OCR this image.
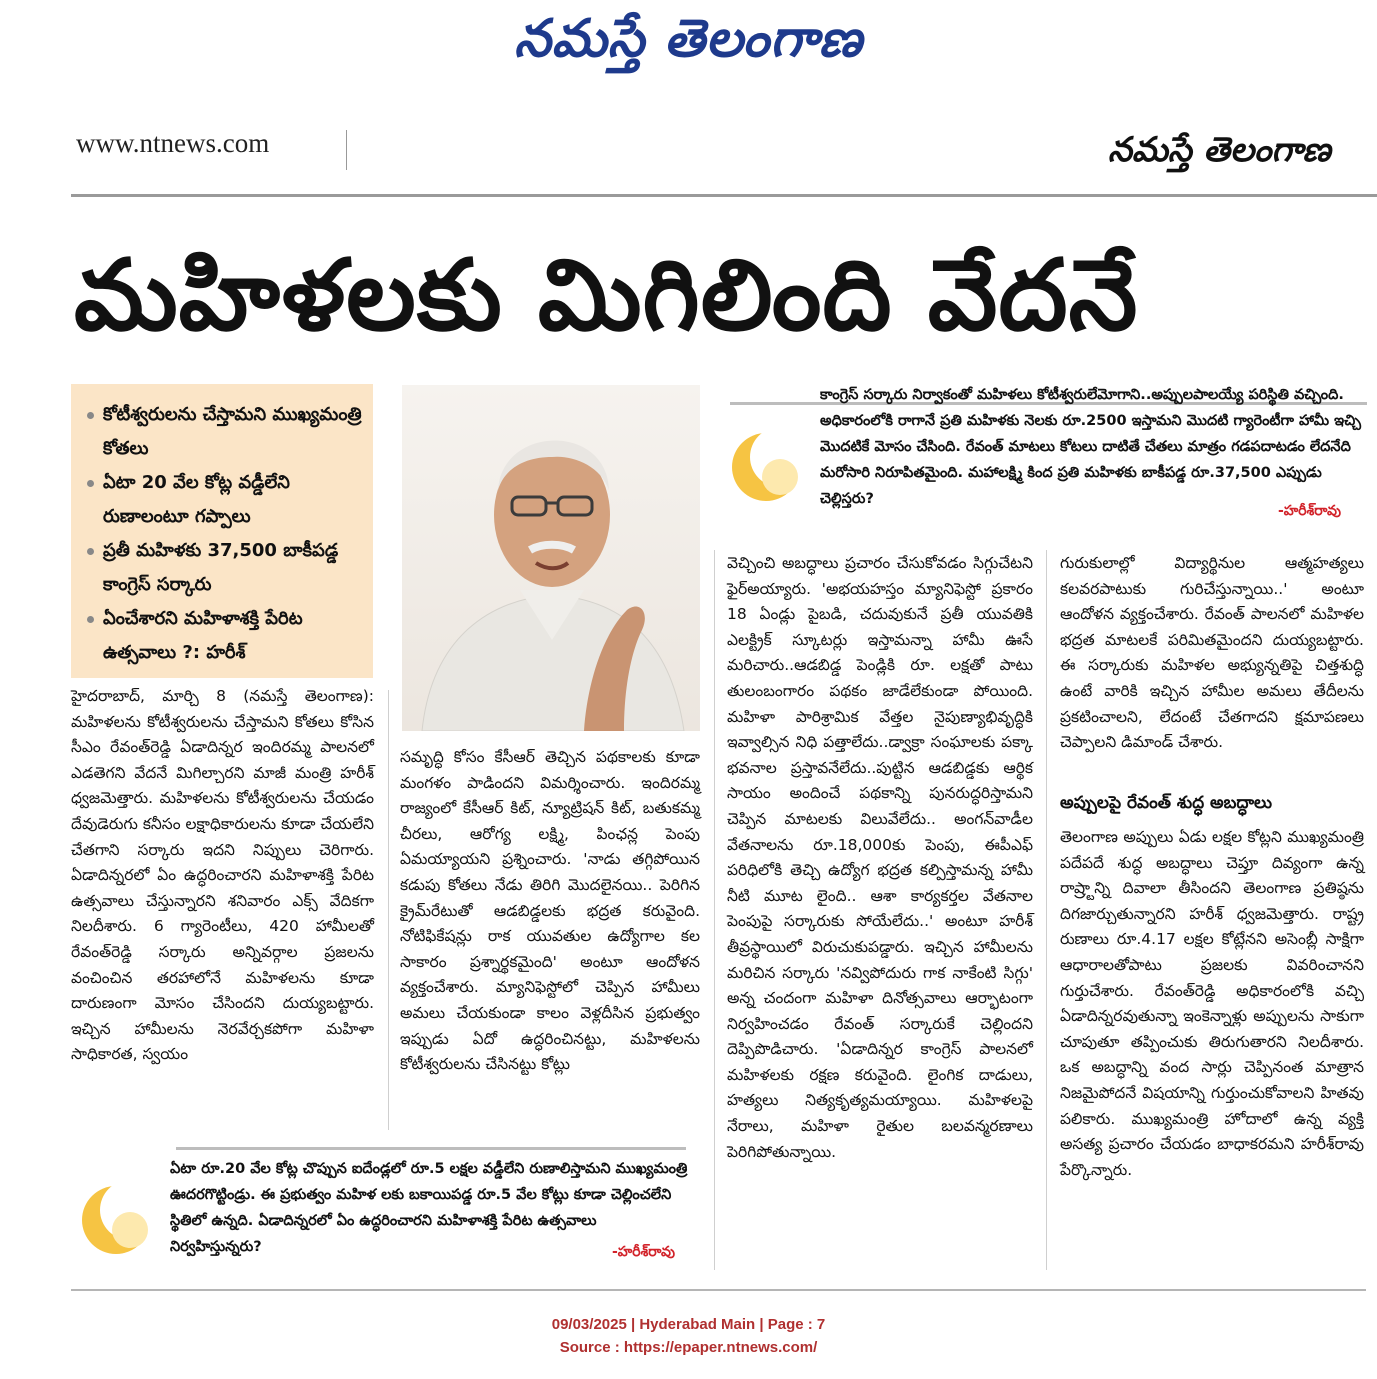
నమస్తే తెలంగాణ
www.ntnews.com	నమస్తే తెలంగాణ
మహిళలకు మిగిలింది వేదనే
కోటీశ్వరులను చేస్తామని ముఖ్యమంత్రి కోతలు
ఏటా 20 వేల కోట్ల వడ్డీలేని రుణాలంటూ గప్పాలు
ప్రతీ మహిళకు 37,500 బాకీపడ్డ కాంగ్రెస్ సర్కారు
ఏంచేశారని మహిళాశక్తి పేరిట ఉత్సవాలు ?: హరీశ్

హైదరాబాద్, మార్చి 8 (నమస్తే తెలంగాణ): మహిళలను కోటీశ్వరులను చేస్తామని కోతలు కోసిన సీఎం రేవంత్‌రెడ్డి ఏడాదిన్నర ఇందిరమ్మ పాలనలో ఎడతెగని వేదనే మిగిల్చారని మాజీ మంత్రి హరీశ్ ధ్వజమెత్తారు. మహిళలను కోటీశ్వరులను చేయడం దేవుడెరుగు కనీసం లక్షాధికారులను కూడా చేయలేని చేతగాని సర్కారు ఇదని నిప్పులు చెరిగారు. ఏడాదిన్నరలో ఏం ఉద్ధరించారని మహిళాశక్తి పేరిట ఉత్సవాలు చేస్తున్నారని శనివారం ఎక్స్ వేదికగా నిలదీశారు. 6 గ్యారెంటీలు, 420 హామీలతో రేవంత్‌రెడ్డి సర్కారు అన్నివర్గాల ప్రజలను వంచించిన తరహాలోనే మహిళలను కూడా దారుణంగా మోసం చేసిందని దుయ్యబట్టారు. ఇచ్చిన హామీలను నెరవేర్చకపోగా మహిళా సాధికారత, స్వయం

సమృద్ధి కోసం కేసీఆర్ తెచ్చిన పథకాలకు కూడా మంగళం పాడిందని విమర్శించారు. ఇందిరమ్మ రాజ్యంలో కేసీఆర్ కిట్, న్యూట్రిషన్ కిట్, బతుకమ్మ చీరలు, ఆరోగ్య లక్ష్మి, పింఛన్ల పెంపు ఏమయ్యాయని ప్రశ్నించారు. 'నాడు తగ్గిపోయిన కడుపు కోతలు నేడు తిరిగి మొదలైనయి.. పెరిగిన క్రైమ్‌రేటుతో ఆడబిడ్డలకు భద్రత కరువైంది. నోటిఫికేషన్లు రాక యువతుల ఉద్యోగాల కల సాకారం ప్రశ్నార్థకమైంది' అంటూ ఆందోళన వ్యక్తంచేశారు. మ్యానిఫెస్టోలో చెప్పిన హామీలు అమలు చేయకుండా కాలం వెళ్లదీసిన ప్రభుత్వం ఇప్పుడు ఏదో ఉద్ధరించినట్టు, మహిళలను కోటీశ్వరులను చేసినట్టు కోట్లు

వెచ్చించి అబద్ధాలు ప్రచారం చేసుకోవడం సిగ్గుచేటని ఫైర్‌అయ్యారు. 'అభయహస్తం మ్యానిఫెస్టో ప్రకారం 18 ఏండ్లు పైబడి, చదువుకునే ప్రతీ యువతికి ఎలక్ట్రిక్ స్కూటర్లు ఇస్తామన్నా హామీ ఊసే మరిచారు..ఆడబిడ్డ పెండ్లికి రూ. లక్షతో పాటు తులంబంగారం పథకం జాడేలేకుండా పోయింది. మహిళా పారిశ్రామిక వేత్తల నైపుణ్యాభివృద్ధికి ఇవ్వాల్సిన నిధి పత్తాలేదు..డ్వాక్రా సంఘాలకు పక్కా భవనాల ప్రస్తావనేలేదు..పుట్టిన ఆడబిడ్డకు ఆర్థిక సాయం అందించే పథకాన్ని పునరుద్ధరిస్తామని చెప్పిన మాటలకు విలువేలేదు.. అంగన్‌వాడీల వేతనాలను రూ.18,000కు పెంపు, ఈపీఎఫ్ పరిధిలోకి తెచ్చి ఉద్యోగ భద్రత కల్పిస్తామన్న హామీ నీటి మూట లైంది.. ఆశా కార్యకర్తల వేతనాల పెంపుపై సర్కారుకు సోయేలేదు..' అంటూ హరీశ్ తీవ్రస్థాయిలో విరుచుకుపడ్డారు. ఇచ్చిన హామీలను మరిచిన సర్కారు 'నవ్విపోదురు గాక నాకేంటి సిగ్గు' అన్న చందంగా మహిళా దినోత్సవాలు ఆర్భాటంగా నిర్వహించడం రేవంత్ సర్కారుకే చెల్లిందని దెప్పిపొడిచారు. 'ఏడాదిన్నర కాంగ్రెస్ పాలనలో మహిళలకు రక్షణ కరువైంది. లైంగిక దాడులు, హత్యలు నిత్యకృత్యమయ్యాయి. మహిళలపై నేరాలు, మహిళా రైతుల బలవన్మరణాలు పెరిగిపోతున్నాయి.

గురుకులాల్లో విద్యార్థినుల ఆత్మహత్యలు కలవరపాటుకు గురిచేస్తున్నాయి..' అంటూ ఆందోళన వ్యక్తంచేశారు. రేవంత్ పాలనలో మహిళల భద్రత మాటలకే పరిమితమైందని దుయ్యబట్టారు. ఈ సర్కారుకు మహిళల అభ్యున్నతిపై చిత్తశుద్ధి ఉంటే వారికి ఇచ్చిన హామీల అమలు తేదీలను ప్రకటించాలని, లేదంటే చేతగాదని క్షమాపణలు చెప్పాలని డిమాండ్ చేశారు.

అప్పులపై రేవంత్ శుద్ధ అబద్ధాలు

తెలంగాణ అప్పులు ఏడు లక్షల కోట్లని ముఖ్యమంత్రి పదేపదే శుద్ధ అబద్ధాలు చెప్తూ దివ్యంగా ఉన్న రాష్ర్టాన్ని దివాలా తీసిందని తెలంగాణ ప్రతిష్ఠను దిగజార్చుతున్నారని హరీశ్ ధ్వజమెత్తారు. రాష్ట్ర రుణాలు రూ.4.17 లక్షల కోట్లేనని అసెంబ్లీ సాక్షిగా ఆధారాలతోపాటు ప్రజలకు వివరించానని గుర్తుచేశారు. రేవంత్‌రెడ్డి అధికారంలోకి వచ్చి ఏడాదిన్నరవుతున్నా ఇంకెన్నాళ్లు అప్పులను సాకుగా చూపుతూ తప్పించుకు తిరుగుతారని నిలదీశారు. ఒక అబద్ధాన్ని వంద సార్లు చెప్పినంత మాత్రాన నిజమైపోదనే విషయాన్ని గుర్తుంచుకోవాలని హితవు పలికారు. ముఖ్యమంత్రి హోదాలో ఉన్న వ్యక్తి అసత్య ప్రచారం చేయడం బాధాకరమని హరీశ్‌రావు పేర్కొన్నారు.

కాంగ్రెస్ సర్కారు నిర్వాకంతో మహిళలు కోటీశ్వరులేమోగాని..అప్పులపాలయ్యే పరిస్థితి వచ్చింది. అధికారంలోకి రాగానే ప్రతి మహిళకు నెలకు రూ.2500 ఇస్తామని మొదటి గ్యారెంటీగా హామీ ఇచ్చి మొదటికే మోసం చేసింది. రేవంత్ మాటలు కోటలు దాటితే చేతలు మాత్రం గడపదాటడం లేదనేది మరోసారి నిరూపితమైంది. మహాలక్ష్మి కింద ప్రతి మహిళకు బాకీపడ్డ రూ.37,500 ఎప్పుడు చెల్లిస్తరు?
-హరీశ్‌రావు
ఏటా రూ.20 వేల కోట్ల చొప్పున ఐదేండ్లలో రూ.5 లక్షల వడ్డీలేని రుణాలిస్తామని ముఖ్యమంత్రి ఊదరగొట్టిండ్రు. ఈ ప్రభుత్వం మహిళ లకు బకాయిపడ్డ రూ.5 వేల కోట్లు కూడా చెల్లించలేని స్థితిలో ఉన్నది. ఏడాదిన్నరలో ఏం ఉద్ధరించారని మహిళాశక్తి పేరిట ఉత్సవాలు నిర్వహిస్తున్నరు?	-హరీశ్‌రావు
09/03/2025 | Hyderabad Main | Page : 7
Source : https://epaper.ntnews.com/
